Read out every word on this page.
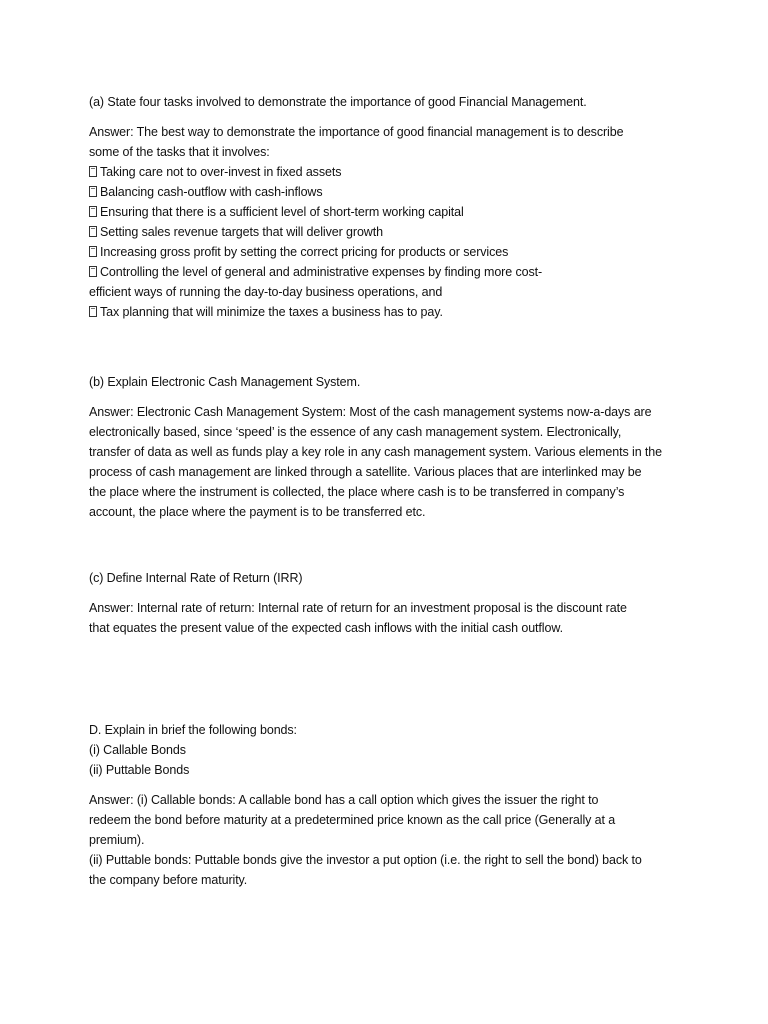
(a) State four tasks involved to demonstrate the importance of good Financial Management.
Answer: The best way to demonstrate the importance of good financial management is to describe
some of the tasks that it involves:
Taking care not to over-invest in fixed assets
Balancing cash-outflow with cash-inflows
Ensuring that there is a sufficient level of short-term working capital
Setting sales revenue targets that will deliver growth
Increasing gross profit by setting the correct pricing for products or services
Controlling the level of general and administrative expenses by finding more cost-
efficient ways of running the day-to-day business operations, and
Tax planning that will minimize the taxes a business has to pay.
(b) Explain Electronic Cash Management System.
Answer: Electronic Cash Management System: Most of the cash management systems now-a-days are
electronically based, since ‘speed’ is the essence of any cash management system. Electronically,
transfer of data as well as funds play a key role in any cash management system. Various elements in the
process of cash management are linked through a satellite. Various places that are interlinked may be
the place where the instrument is collected, the place where cash is to be transferred in company’s
account, the place where the payment is to be transferred etc.
(c) Define Internal Rate of Return (IRR)
Answer: Internal rate of return: Internal rate of return for an investment proposal is the discount rate
that equates the present value of the expected cash inflows with the initial cash outflow.
D. Explain in brief the following bonds:
(i) Callable Bonds
(ii) Puttable Bonds
Answer: (i) Callable bonds: A callable bond has a call option which gives the issuer the right to
redeem the bond before maturity at a predetermined price known as the call price (Generally at a
premium).
(ii) Puttable bonds: Puttable bonds give the investor a put option (i.e. the right to sell the bond) back to
the company before maturity.
